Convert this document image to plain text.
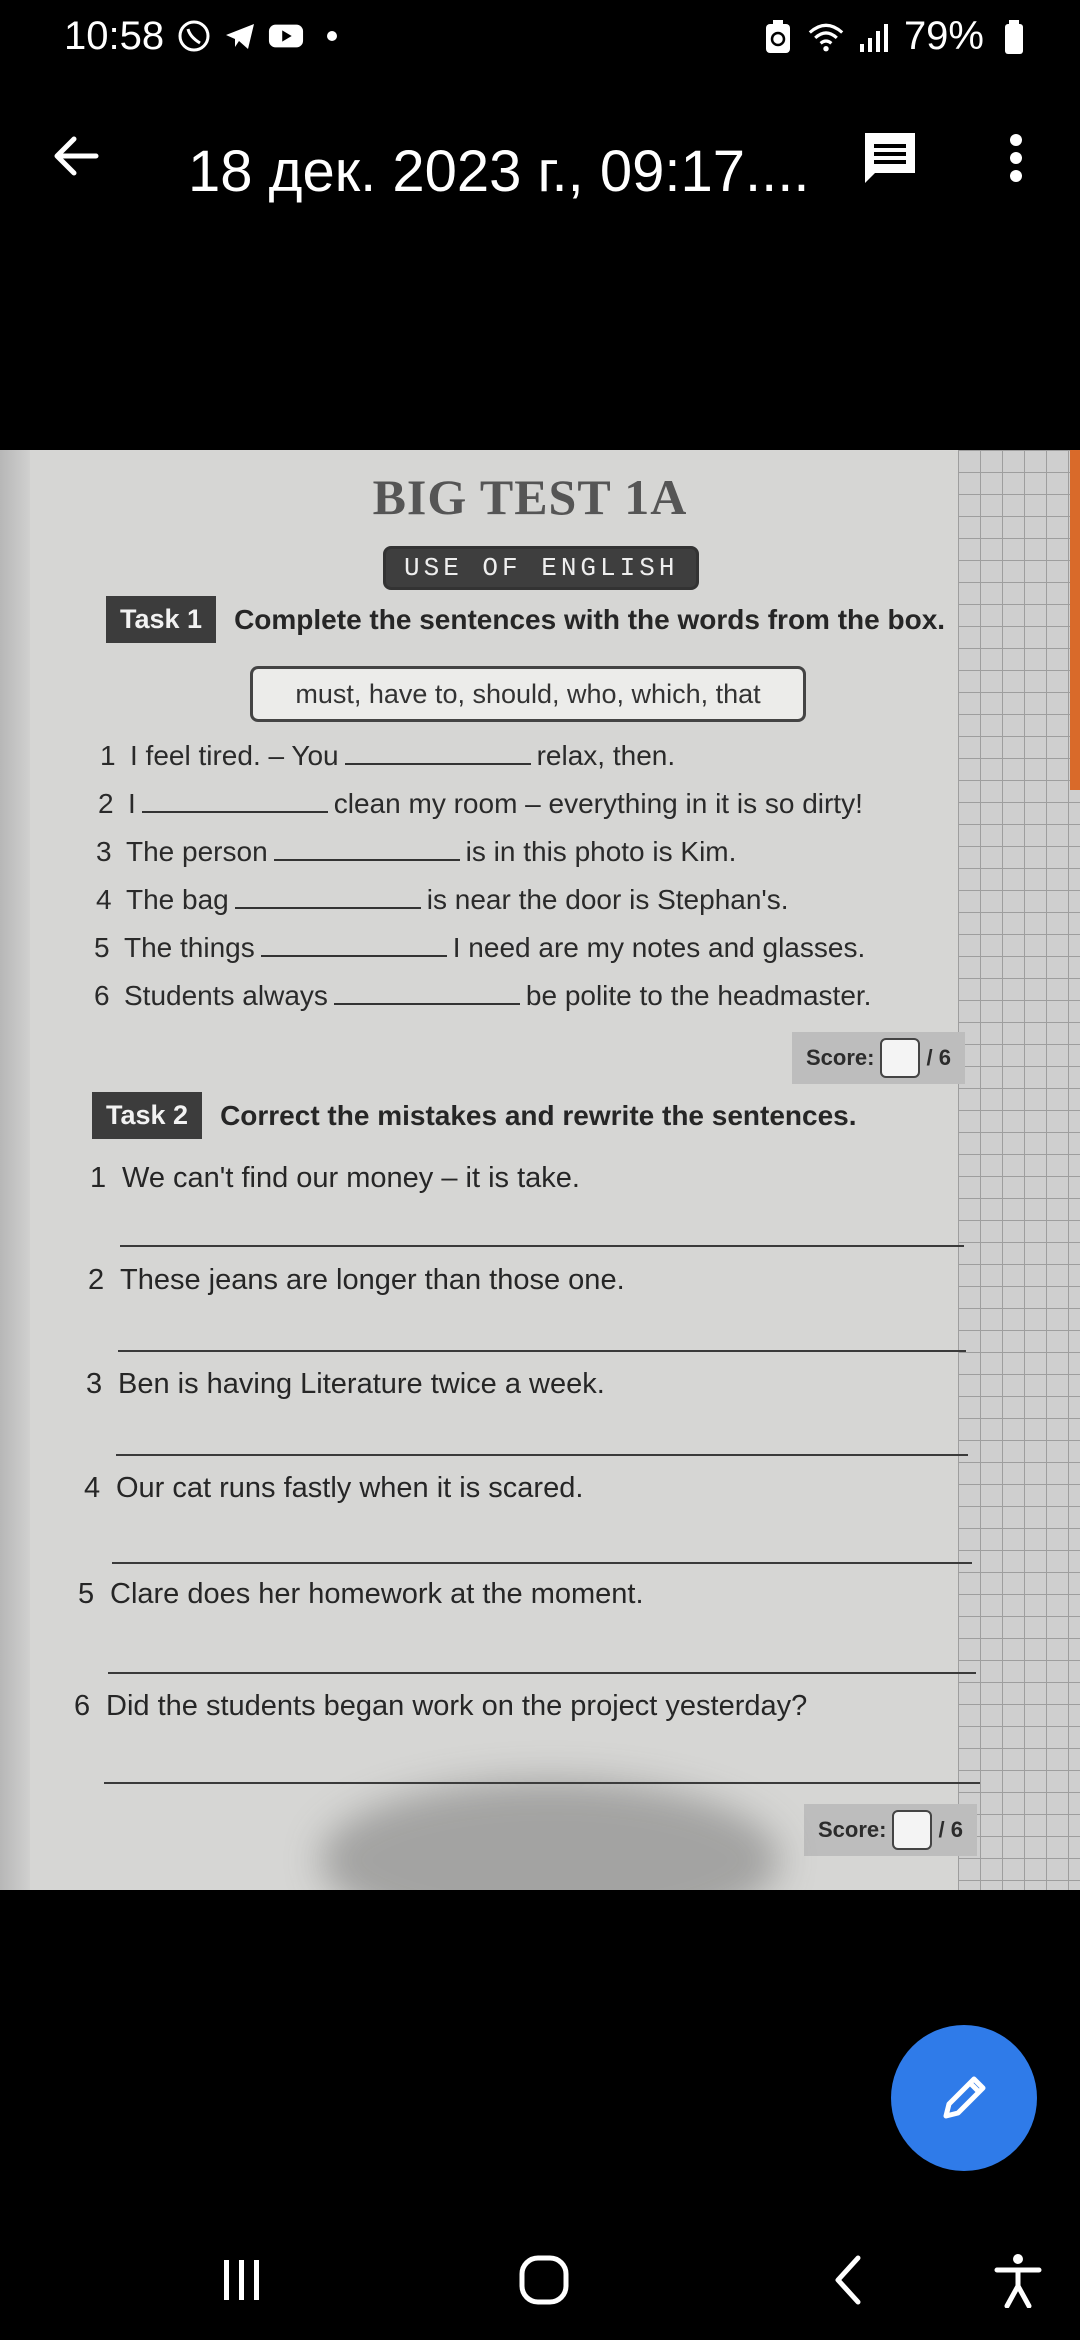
10:58	79%
18 дек. 2023 г., 09:17....
BIG TEST 1A
USE OF ENGLISH
Task 1	Complete the sentences with the words from the box.
must, have to, should, who, which, that
1 I feel tired. – You	relax, then.
2 I	clean my room – everything in it is so dirty!
3 The person	is in this photo is Kim.
4 The bag	is near the door is Stephan's.
5 The things	I need are my notes and glasses.
6 Students always	be polite to the headmaster.
Score: / 6
Task 2	Correct the mistakes and rewrite the sentences.
1 We can't find our money – it is take.
2 These jeans are longer than those one.
3 Ben is having Literature twice a week.
4 Our cat runs fastly when it is scared.
5 Clare does her homework at the moment.
6 Did the students began work on the project yesterday?
Score: / 6
